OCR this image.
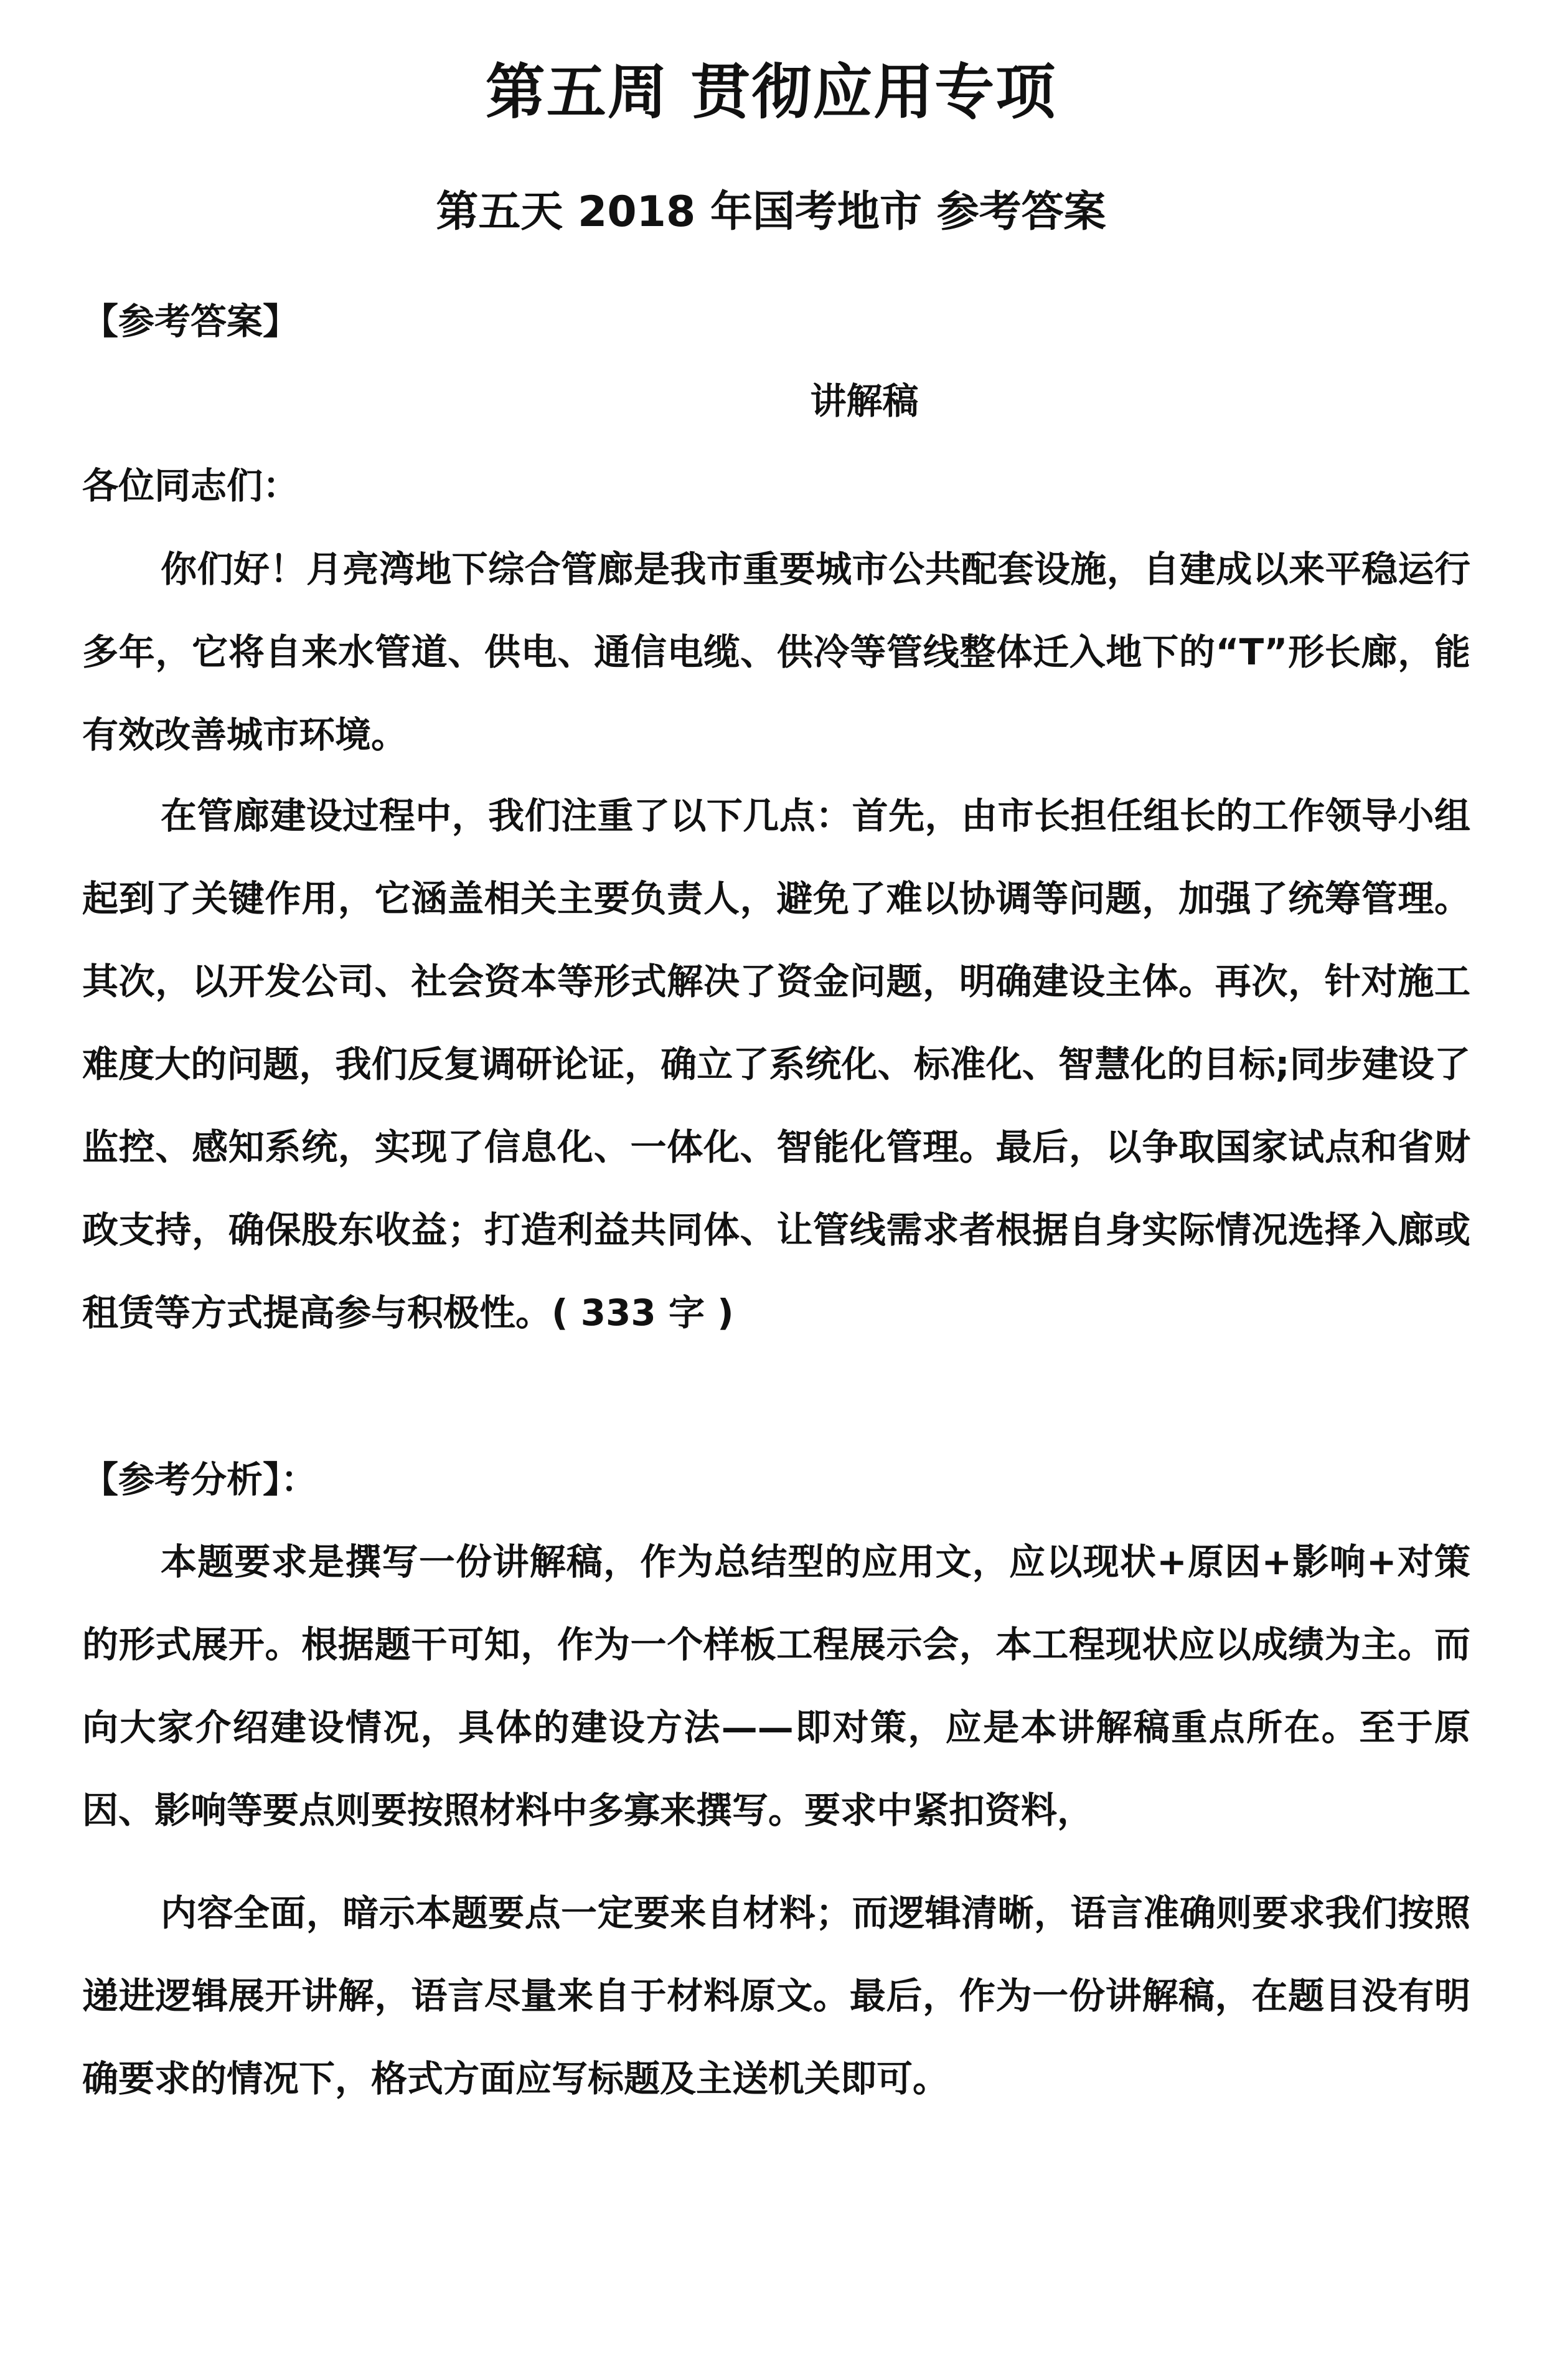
第五周 贯彻应用专项
第五天 2018 年国考地市 参考答案
【参考答案】
讲解稿
各位同志们：
你们好！月亮湾地下综合管廊是我市重要城市公共配套设施，自建成以来平稳运行多年，它将自来水管道、供电、通信电缆、供冷等管线整体迁入地下的“T”形长廊，能有效改善城市环境。
在管廊建设过程中，我们注重了以下几点：首先，由市长担任组长的工作领导小组起到了关键作用，它涵盖相关主要负责人，避免了难以协调等问题，加强了统筹管理。其次，以开发公司、社会资本等形式解决了资金问题，明确建设主体。再次，针对施工难度大的问题，我们反复调研论证，确立了系统化、标准化、智慧化的目标;同步建设了监控、感知系统，实现了信息化、一体化、智能化管理。最后，以争取国家试点和省财政支持，确保股东收益；打造利益共同体、让管线需求者根据自身实际情况选择入廊或租赁等方式提高参与积极性。( 333 字 )
【参考分析】：
本题要求是撰写一份讲解稿，作为总结型的应用文，应以现状+原因+影响+对策的形式展开。根据题干可知，作为一个样板工程展示会，本工程现状应以成绩为主。而向大家介绍建设情况，具体的建设方法——即对策，应是本讲解稿重点所在。至于原因、影响等要点则要按照材料中多寡来撰写。要求中紧扣资料，
内容全面，暗示本题要点一定要来自材料；而逻辑清晰，语言准确则要求我们按照递进逻辑展开讲解，语言尽量来自于材料原文。最后，作为一份讲解稿，在题目没有明确要求的情况下，格式方面应写标题及主送机关即可。
